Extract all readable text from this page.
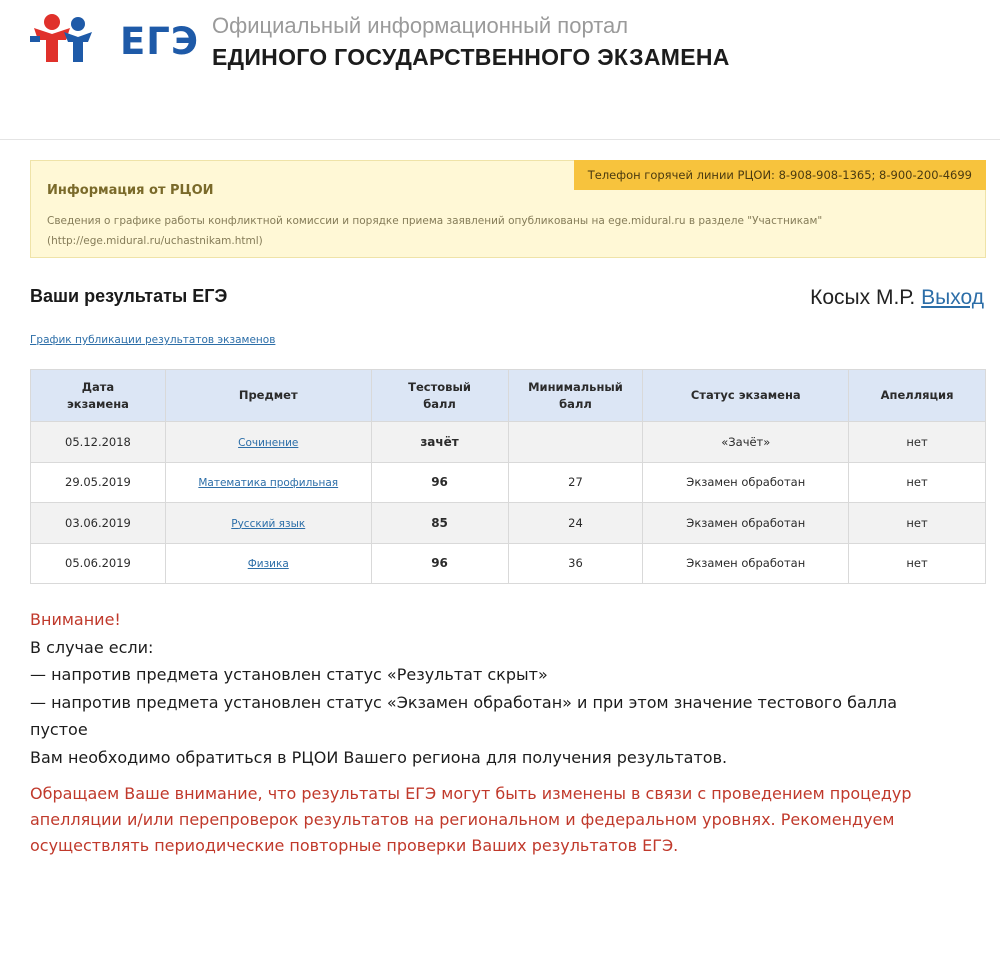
ЕГЭ Официальный информационный портал
ЕДИНОГО ГОСУДАРСТВЕННОГО ЭКЗАМЕНА
Телефон горячей линии РЦОИ: 8-908-908-1365; 8-900-200-4699
Информация от РЦОИ
Сведения о графике работы конфликтной комиссии и порядке приема заявлений опубликованы на ege.midural.ru в разделе "Участникам" (http://ege.midural.ru/uchastnikam.html)
Ваши результаты ЕГЭ	Косых М.Р. Выход
График публикации результатов экзаменов
Дата экзамена	Предмет	Тестовый балл	Минимальный балл	Статус экзамена	Апелляция
05.12.2018	Сочинение	зачёт		«Зачёт»	нет
29.05.2019	Математика профильная	96	27	Экзамен обработан	нет
03.06.2019	Русский язык	85	24	Экзамен обработан	нет
05.06.2019	Физика	96	36	Экзамен обработан	нет
Внимание!
В случае если:
— напротив предмета установлен статус «Результат скрыт»
— напротив предмета установлен статус «Экзамен обработан» и при этом значение тестового балла пустое
Вам необходимо обратиться в РЦОИ Вашего региона для получения результатов.
Обращаем Ваше внимание, что результаты ЕГЭ могут быть изменены в связи с проведением процедур апелляции и/или перепроверок результатов на региональном и федеральном уровнях. Рекомендуем осуществлять периодические повторные проверки Ваших результатов ЕГЭ.
